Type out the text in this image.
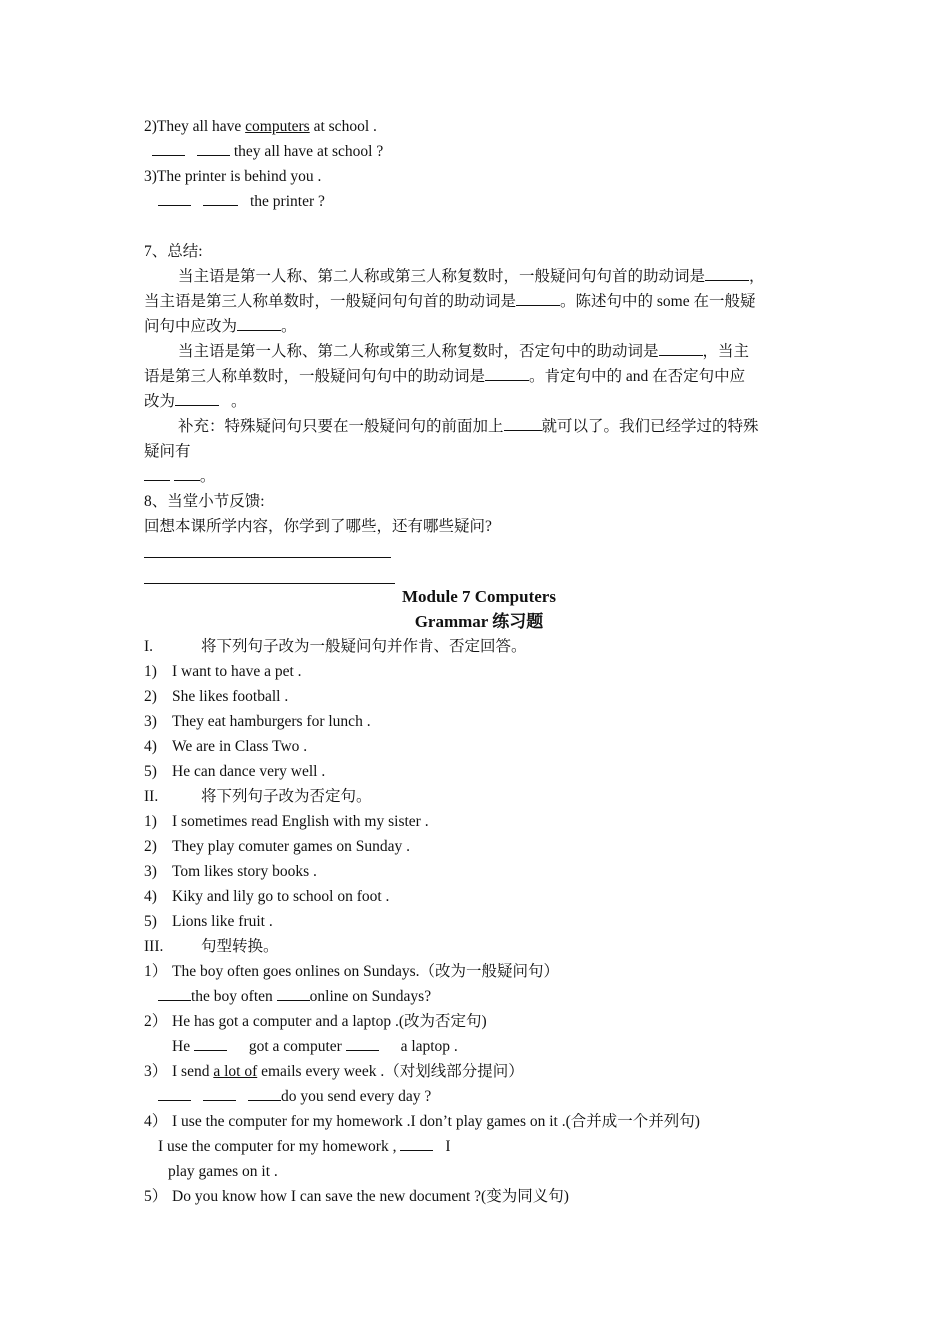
2)They all have computers at school .
they all have at school ?
3)The printer is behind you .
the printer ?
7、总结:
当主语是第一人称、第二人称或第三人称复数时，一般疑问句句首的助动词是	，
当主语是第三人称单数时，一般疑问句句首的助动词是	。陈述句中的 some 在一般疑
问句中应改为	。
当主语是第一人称、第二人称或第三人称复数时，否定句中的助动词是	，当主
语是第三人称单数时，一般疑问句句中的助动词是	。肯定句中的 and 在否定句中应
改为	。
补充：特殊疑问句只要在一般疑问句的前面加上 就可以了。我们已经学过的特殊
疑问有
。
8、当堂小节反馈:
回想本课所学内容，你学到了哪些，还有哪些疑问?
Module 7 Computers
Grammar 练习题
I.	将下列句子改为一般疑问句并作肯、否定回答。
1) I want to have a pet .
2) She likes football .
3) They eat hamburgers for lunch .
4) We are in Class Two .
5) He can dance very well .
II.	将下列句子改为否定句。
1) I sometimes read English with my sister .
2) They play comuter games on Sunday .
3) Tom likes story books .
4) Kiky and lily go to school on foot .
5) Lions like fruit .
III. 句型转换。
1） The boy often goes onlines on Sundays.（改为一般疑问句）
the boy often online on Sundays?
2） He has got a computer and a laptop .(改为否定句)
He	got a computer	a laptop .
3） I send a lot of emails every week .（对划线部分提问）
do you send every day ?
4） I use the computer for my homework .I don’t play games on it .(合并成一个并列句)
I use the computer for my homework ,	I
play games on it .
5） Do you know how I can save the new document ?(变为同义句)
